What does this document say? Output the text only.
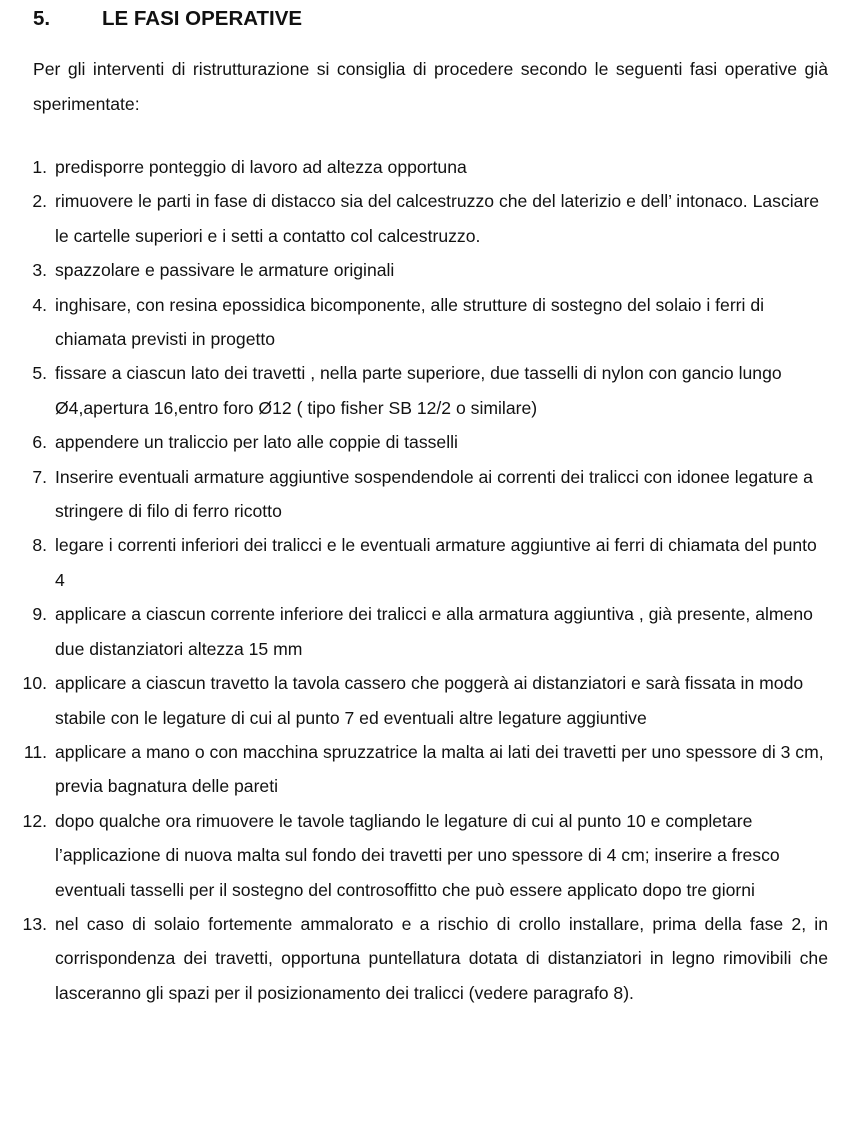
5.	LE FASI OPERATIVE

Per gli interventi di ristrutturazione si consiglia di procedere secondo le seguenti fasi operative già sperimentate:

1. predisporre ponteggio di lavoro ad altezza opportuna
2. rimuovere le parti in fase di distacco sia del calcestruzzo che del laterizio e dell’ intonaco. Lasciare le cartelle superiori e i setti a contatto col calcestruzzo.
3. spazzolare e passivare le armature originali
4. inghisare, con resina epossidica bicomponente, alle strutture di sostegno del solaio i ferri di chiamata previsti in progetto
5. fissare a ciascun lato dei travetti , nella parte superiore, due tasselli di nylon con gancio lungo Ø4,apertura 16,entro foro Ø12 ( tipo fisher SB 12/2 o similare)
6. appendere un traliccio per lato alle coppie di tasselli
7. Inserire eventuali armature aggiuntive sospendendole ai correnti dei tralicci con idonee legature a stringere di filo di ferro ricotto
8. legare i correnti inferiori dei tralicci e le eventuali armature aggiuntive ai ferri di chiamata del punto 4
9. applicare a ciascun corrente inferiore dei tralicci e alla armatura aggiuntiva , già presente, almeno due distanziatori altezza 15 mm
10. applicare a ciascun travetto la tavola cassero che poggerà ai distanziatori e sarà fissata in modo stabile con le legature di cui al punto 7 ed eventuali altre legature aggiuntive
11. applicare a mano o con macchina spruzzatrice la malta ai lati dei travetti per uno spessore di 3 cm, previa bagnatura delle pareti
12. dopo qualche ora rimuovere le tavole tagliando le legature di cui al punto 10 e completare l’applicazione di nuova malta sul fondo dei travetti per uno spessore di 4 cm; inserire a fresco eventuali tasselli per il sostegno del controsoffitto che può essere applicato dopo tre giorni
13. nel caso di solaio fortemente ammalorato e a rischio di crollo installare, prima della fase 2, in corrispondenza dei travetti, opportuna puntellatura dotata di distanziatori in legno rimovibili che lasceranno gli spazi per il posizionamento dei tralicci (vedere paragrafo 8).
